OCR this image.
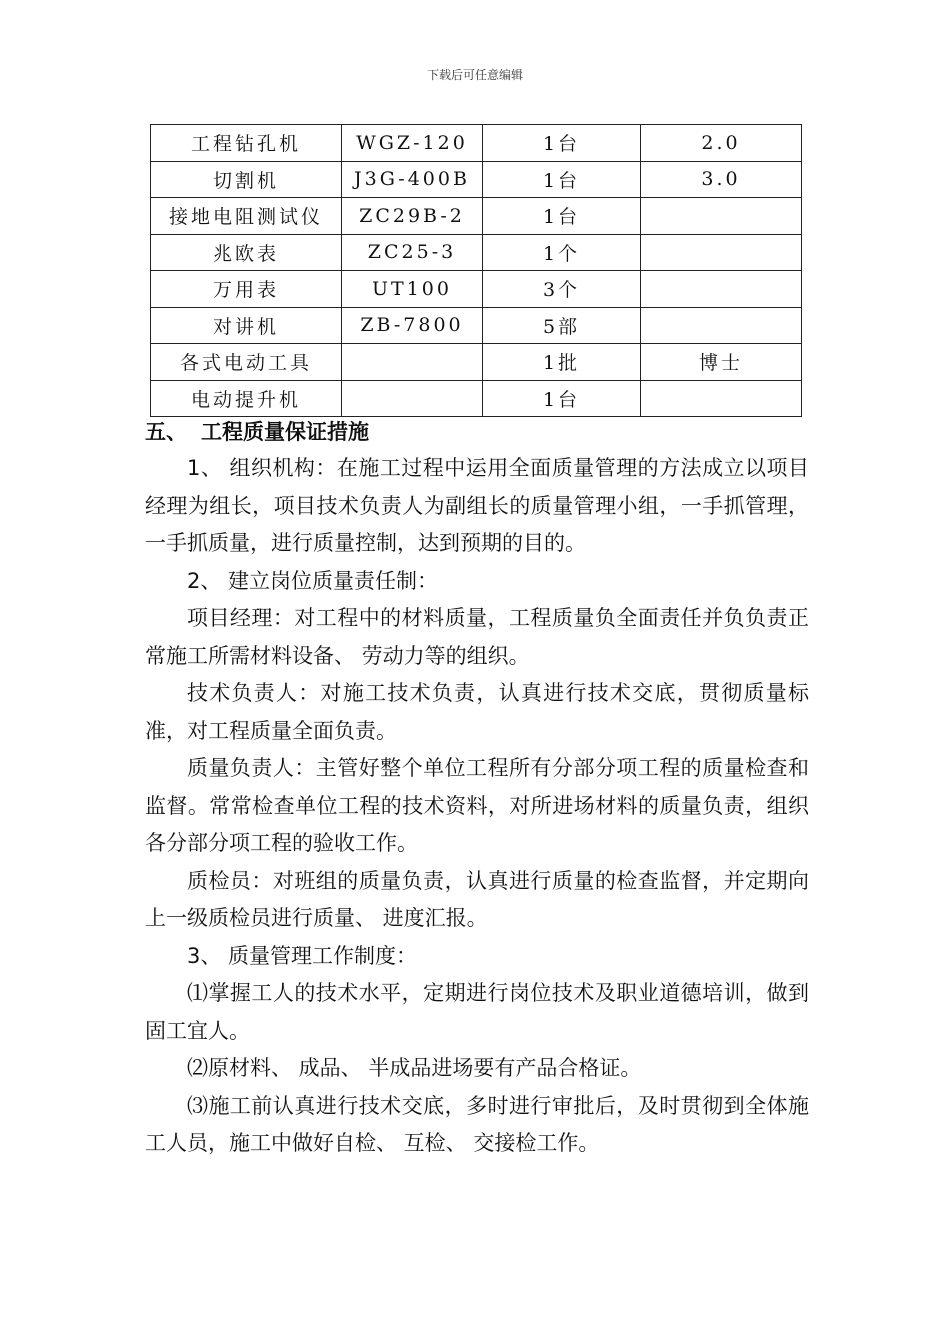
下载后可任意编辑
工程钻孔机	WGZ-120	1台	2.0
切割机	J3G-400B	1台	3.0
接地电阻测试仪	ZC29B-2	1台	
兆欧表	ZC25-3	1个	
万用表	UT100	3个	
对讲机	ZB-7800	5部	
各式电动工具		1批	博士
电动提升机		1台	
五、 工程质量保证措施

1、 组织机构：在施工过程中运用全面质量管理的方法成立以项目经理为组长，项目技术负责人为副组长的质量管理小组，一手抓管理，一手抓质量，进行质量控制，达到预期的目的。

2、 建立岗位质量责任制：

项目经理：对工程中的材料质量，工程质量负全面责任并负负责正常施工所需材料设备、 劳动力等的组织。

技术负责人：对施工技术负责，认真进行技术交底，贯彻质量标准，对工程质量全面负责。

质量负责人：主管好整个单位工程所有分部分项工程的质量检查和监督。常常检查单位工程的技术资料，对所进场材料的质量负责，组织各分部分项工程的验收工作。

质检员：对班组的质量负责，认真进行质量的检查监督，并定期向上一级质检员进行质量、 进度汇报。

3、 质量管理工作制度：

⑴掌握工人的技术水平，定期进行岗位技术及职业道德培训，做到固工宜人。

⑵原材料、 成品、 半成品进场要有产品合格证。

⑶施工前认真进行技术交底，多时进行审批后，及时贯彻到全体施工人员，施工中做好自检、 互检、 交接检工作。
